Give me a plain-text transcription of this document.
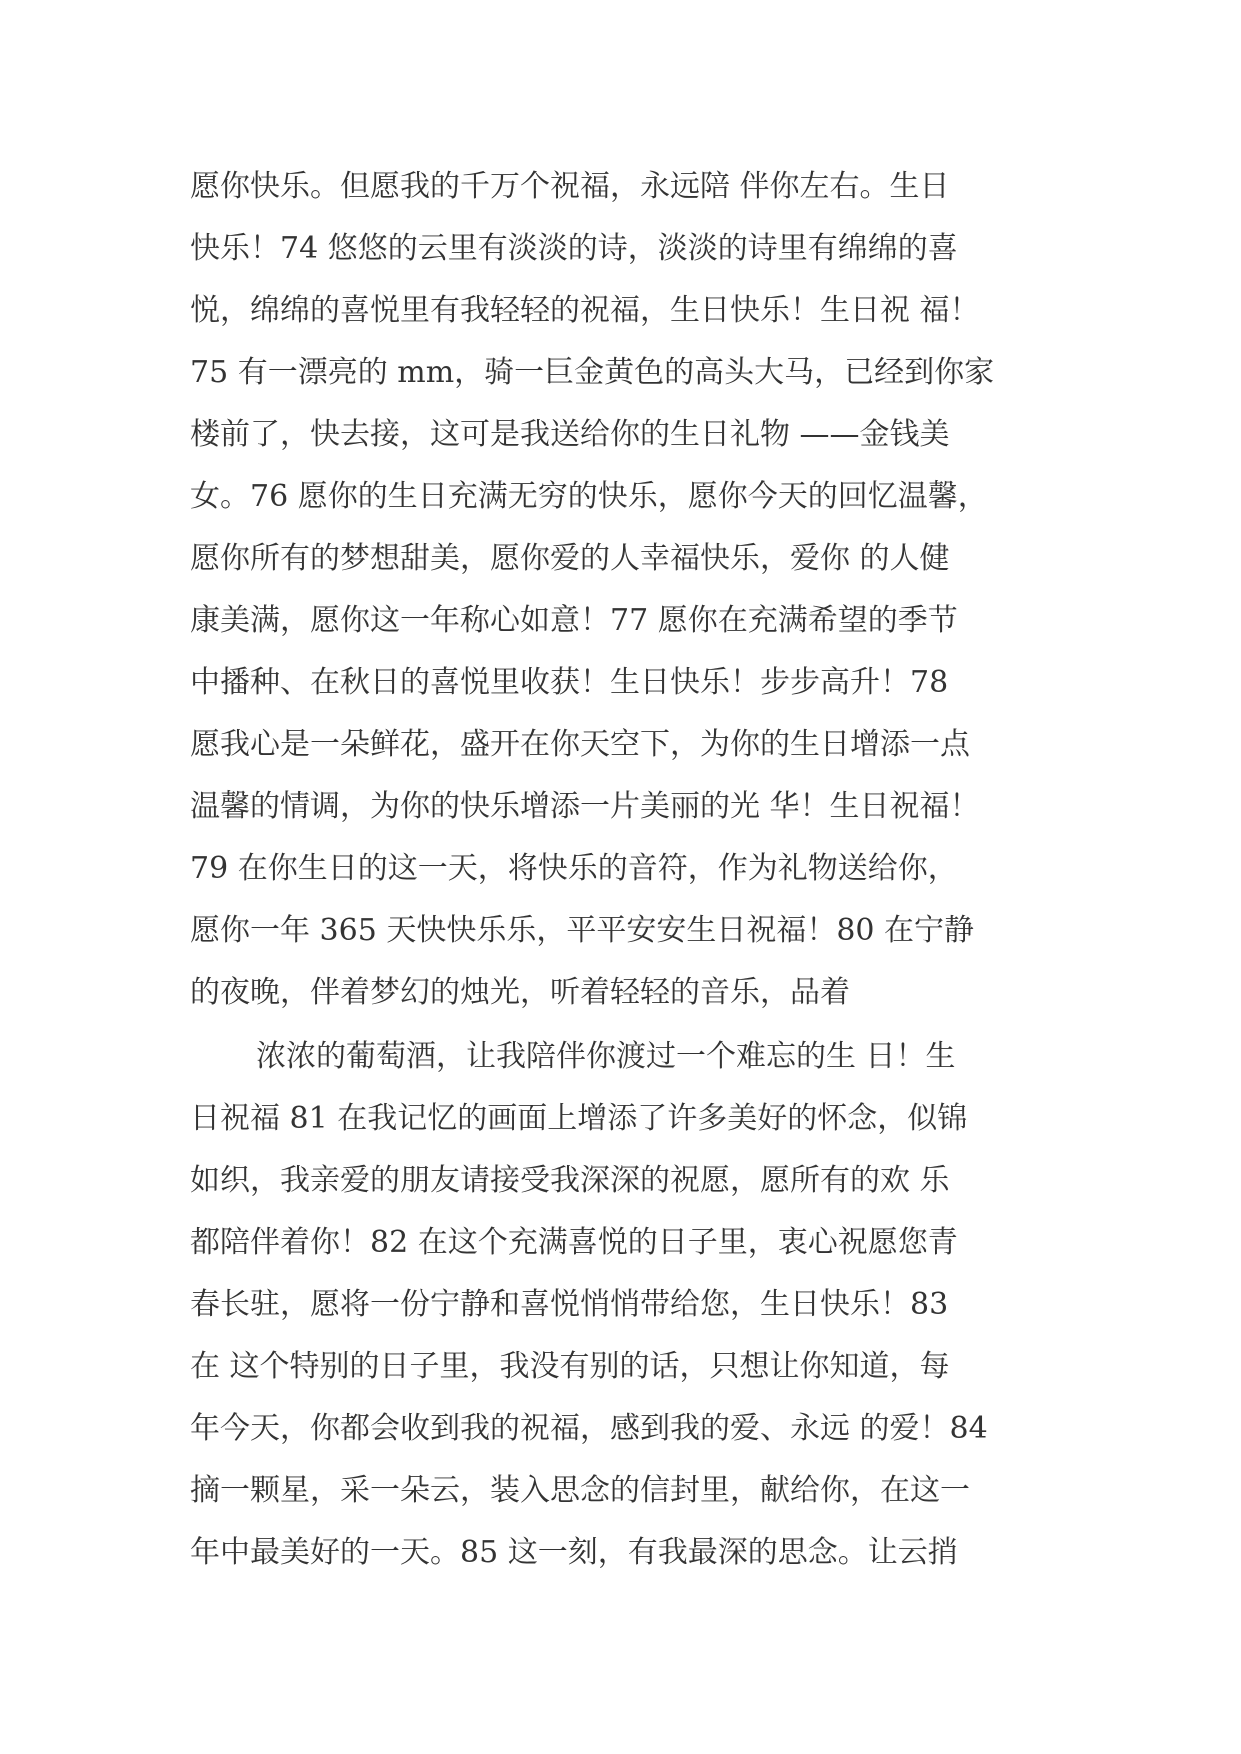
愿你快乐。但愿我的千万个祝福，永远陪 伴你左右。生日
快乐！74 悠悠的云里有淡淡的诗，淡淡的诗里有绵绵的喜
悦，绵绵的喜悦里有我轻轻的祝福，生日快乐！生日祝 福！
75 有一漂亮的 mm，骑一巨金黄色的高头大马，已经到你家
楼前了，快去接，这可是我送给你的生日礼物 ——金钱美
女。76 愿你的生日充满无穷的快乐，愿你今天的回忆温馨，
愿你所有的梦想甜美，愿你爱的人幸福快乐，爱你 的人健
康美满，愿你这一年称心如意！77 愿你在充满希望的季节
中播种、在秋日的喜悦里收获！生日快乐！步步高升！78
愿我心是一朵鲜花，盛开在你天空下，为你的生日增添一点
温馨的情调，为你的快乐增添一片美丽的光 华！生日祝福！
79 在你生日的这一天，将快乐的音符，作为礼物送给你，
愿你一年 365 天快快乐乐，平平安安生日祝福！80 在宁静
的夜晚，伴着梦幻的烛光，听着轻轻的音乐，品着
浓浓的葡萄酒，让我陪伴你渡过一个难忘的生 日！生
日祝福 81 在我记忆的画面上增添了许多美好的怀念，似锦
如织，我亲爱的朋友请接受我深深的祝愿，愿所有的欢 乐
都陪伴着你！82 在这个充满喜悦的日子里，衷心祝愿您青
春长驻，愿将一份宁静和喜悦悄悄带给您，生日快乐！83
在 这个特别的日子里，我没有别的话，只想让你知道，每
年今天，你都会收到我的祝福，感到我的爱、永远 的爱！84
摘一颗星，采一朵云，装入思念的信封里，献给你，在这一
年中最美好的一天。85 这一刻，有我最深的思念。让云捎
